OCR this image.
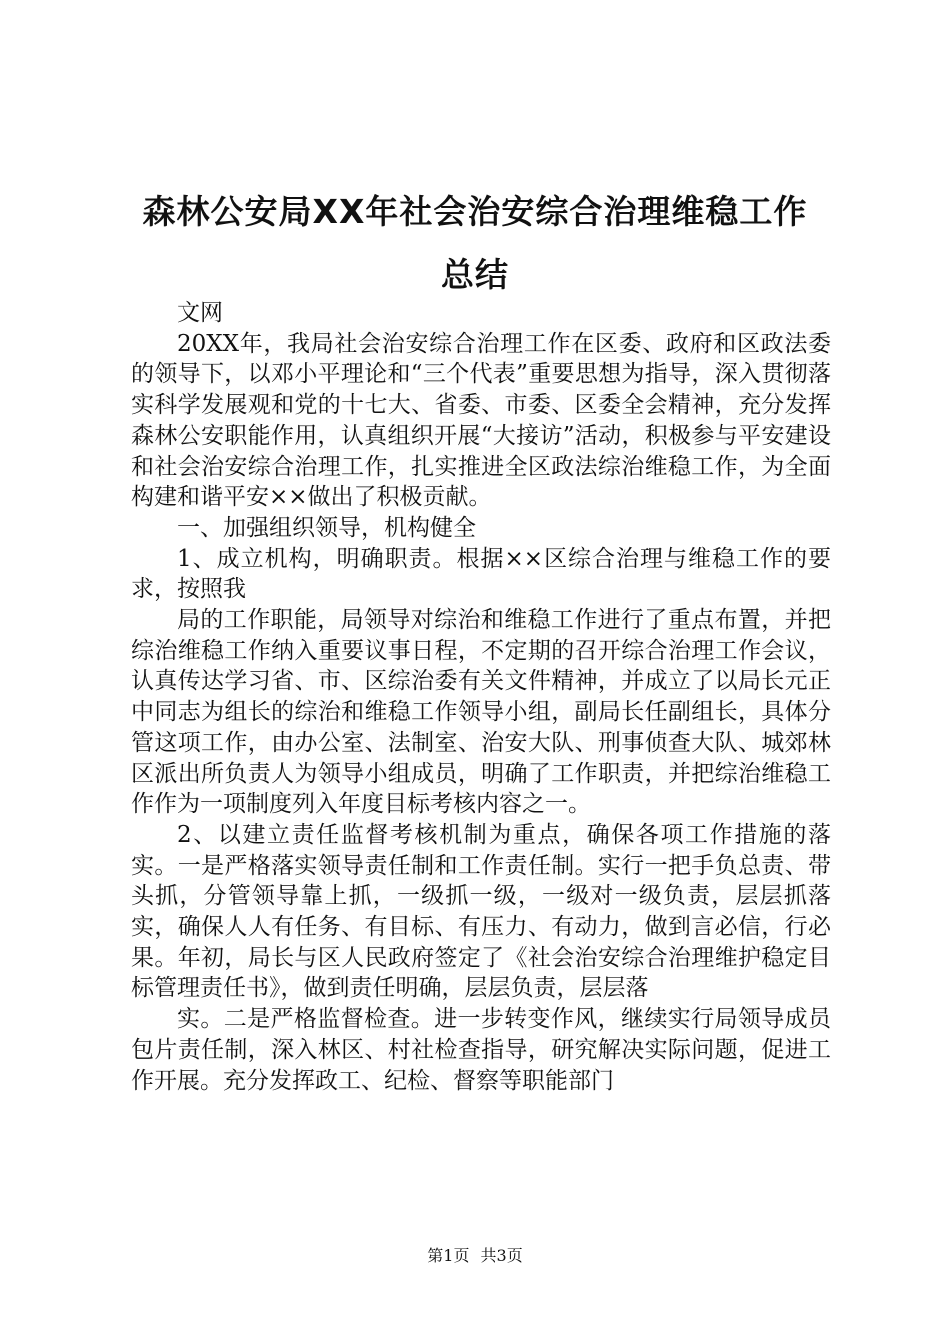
森林公安局XX年社会治安综合治理维稳工作
总结

文网

20XX年，我局社会治安综合治理工作在区委、政府和区政法委的领导下，以邓小平理论和“三个代表”重要思想为指导，深入贯彻落实科学发展观和党的十七大、省委、市委、区委全会精神，充分发挥森林公安职能作用，认真组织开展“大接访”活动，积极参与平安建设和社会治安综合治理工作，扎实推进全区政法综治维稳工作，为全面构建和谐平安××做出了积极贡献。

一、加强组织领导，机构健全

1、成立机构，明确职责。根据××区综合治理与维稳工作的要求，按照我

局的工作职能，局领导对综治和维稳工作进行了重点布置，并把综治维稳工作纳入重要议事日程，不定期的召开综合治理工作会议，认真传达学习省、市、区综治委有关文件精神，并成立了以局长元正中同志为组长的综治和维稳工作领导小组，副局长任副组长，具体分管这项工作，由办公室、法制室、治安大队、刑事侦查大队、城郊林区派出所负责人为领导小组成员，明确了工作职责，并把综治维稳工作作为一项制度列入年度目标考核内容之一。

2、以建立责任监督考核机制为重点，确保各项工作措施的落实。一是严格落实领导责任制和工作责任制。实行一把手负总责、带头抓，分管领导靠上抓，一级抓一级，一级对一级负责，层层抓落实，确保人人有任务、有目标、有压力、有动力，做到言必信，行必果。年初，局长与区人民政府签定了《社会治安综合治理维护稳定目标管理责任书》，做到责任明确，层层负责，层层落

实。二是严格监督检查。进一步转变作风，继续实行局领导成员包片责任制，深入林区、村社检查指导，研究解决实际问题，促进工作开展。充分发挥政工、纪检、督察等职能部门

第1页 共3页
